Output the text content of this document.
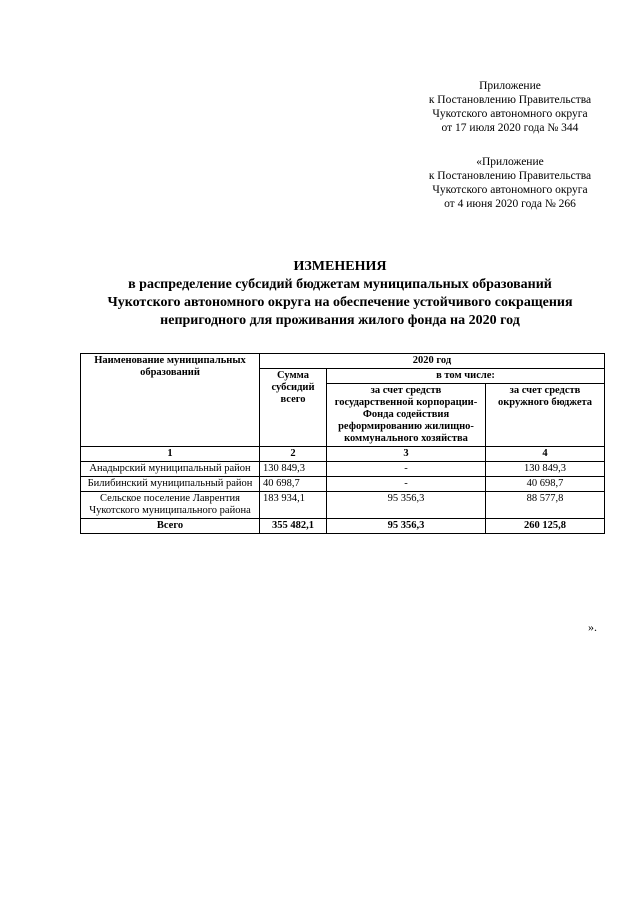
Приложение
к Постановлению Правительства
Чукотского автономного округа
от 17 июля 2020 года № 344
«Приложение
к Постановлению Правительства
Чукотского автономного округа
от 4 июня 2020 года № 266
ИЗМЕНЕНИЯ
в распределение субсидий бюджетам муниципальных образований
Чукотского автономного округа на обеспечение устойчивого сокращения
непригодного для проживания жилого фонда на 2020 год
Наименование муниципальных образований	2020 год		
	Сумма субсидий всего	в том числе:	
		за счет средств государственной корпорации-Фонда содействия реформированию жилищно-коммунального хозяйства	за счет средств окружного бюджета
1	2	3	4
Анадырский муниципальный район	130 849,3	-	130 849,3
Билибинский муниципальный район	40 698,7	-	40 698,7
Сельское поселение Лаврентия Чукотского муниципального района	183 934,1	95 356,3	88 577,8
Всего	355 482,1	95 356,3	260 125,8
».
